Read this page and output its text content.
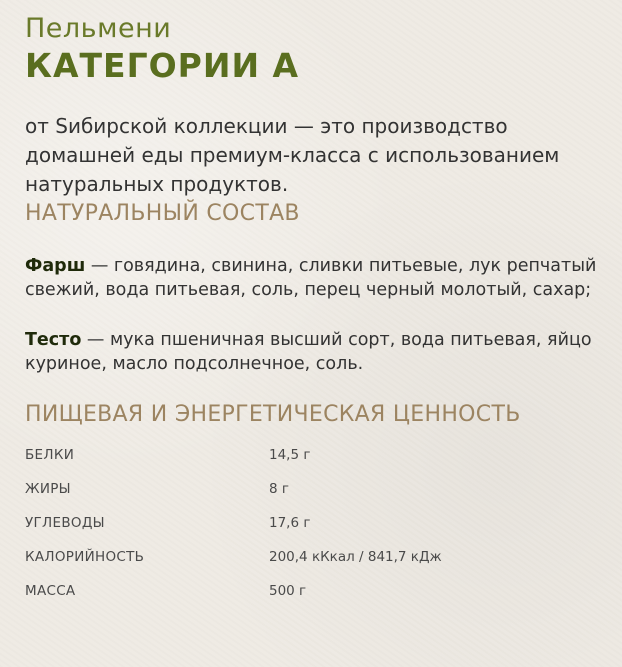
Пельмени
КАТЕГОРИИ А
от Sибирской коллекции — это производство домашней еды премиум-класса с использованием натуральных продуктов.
НАТУРАЛЬНЫЙ СОСТАВ
Фарш — говядина, свинина, сливки питьевые, лук репчатый свежий, вода питьевая, соль, перец черный молотый, сахар;
Тесто — мука пшеничная высший сорт, вода питьевая, яйцо куриное, масло подсолнечное, соль.
ПИЩЕВАЯ И ЭНЕРГЕТИЧЕСКАЯ ЦЕННОСТЬ
БЕЛКИ	14,5 г
ЖИРЫ	8 г
УГЛЕВОДЫ	17,6 г
КАЛОРИЙНОСТЬ	200,4 кКкал / 841,7 кДж
МАССА	500 г
